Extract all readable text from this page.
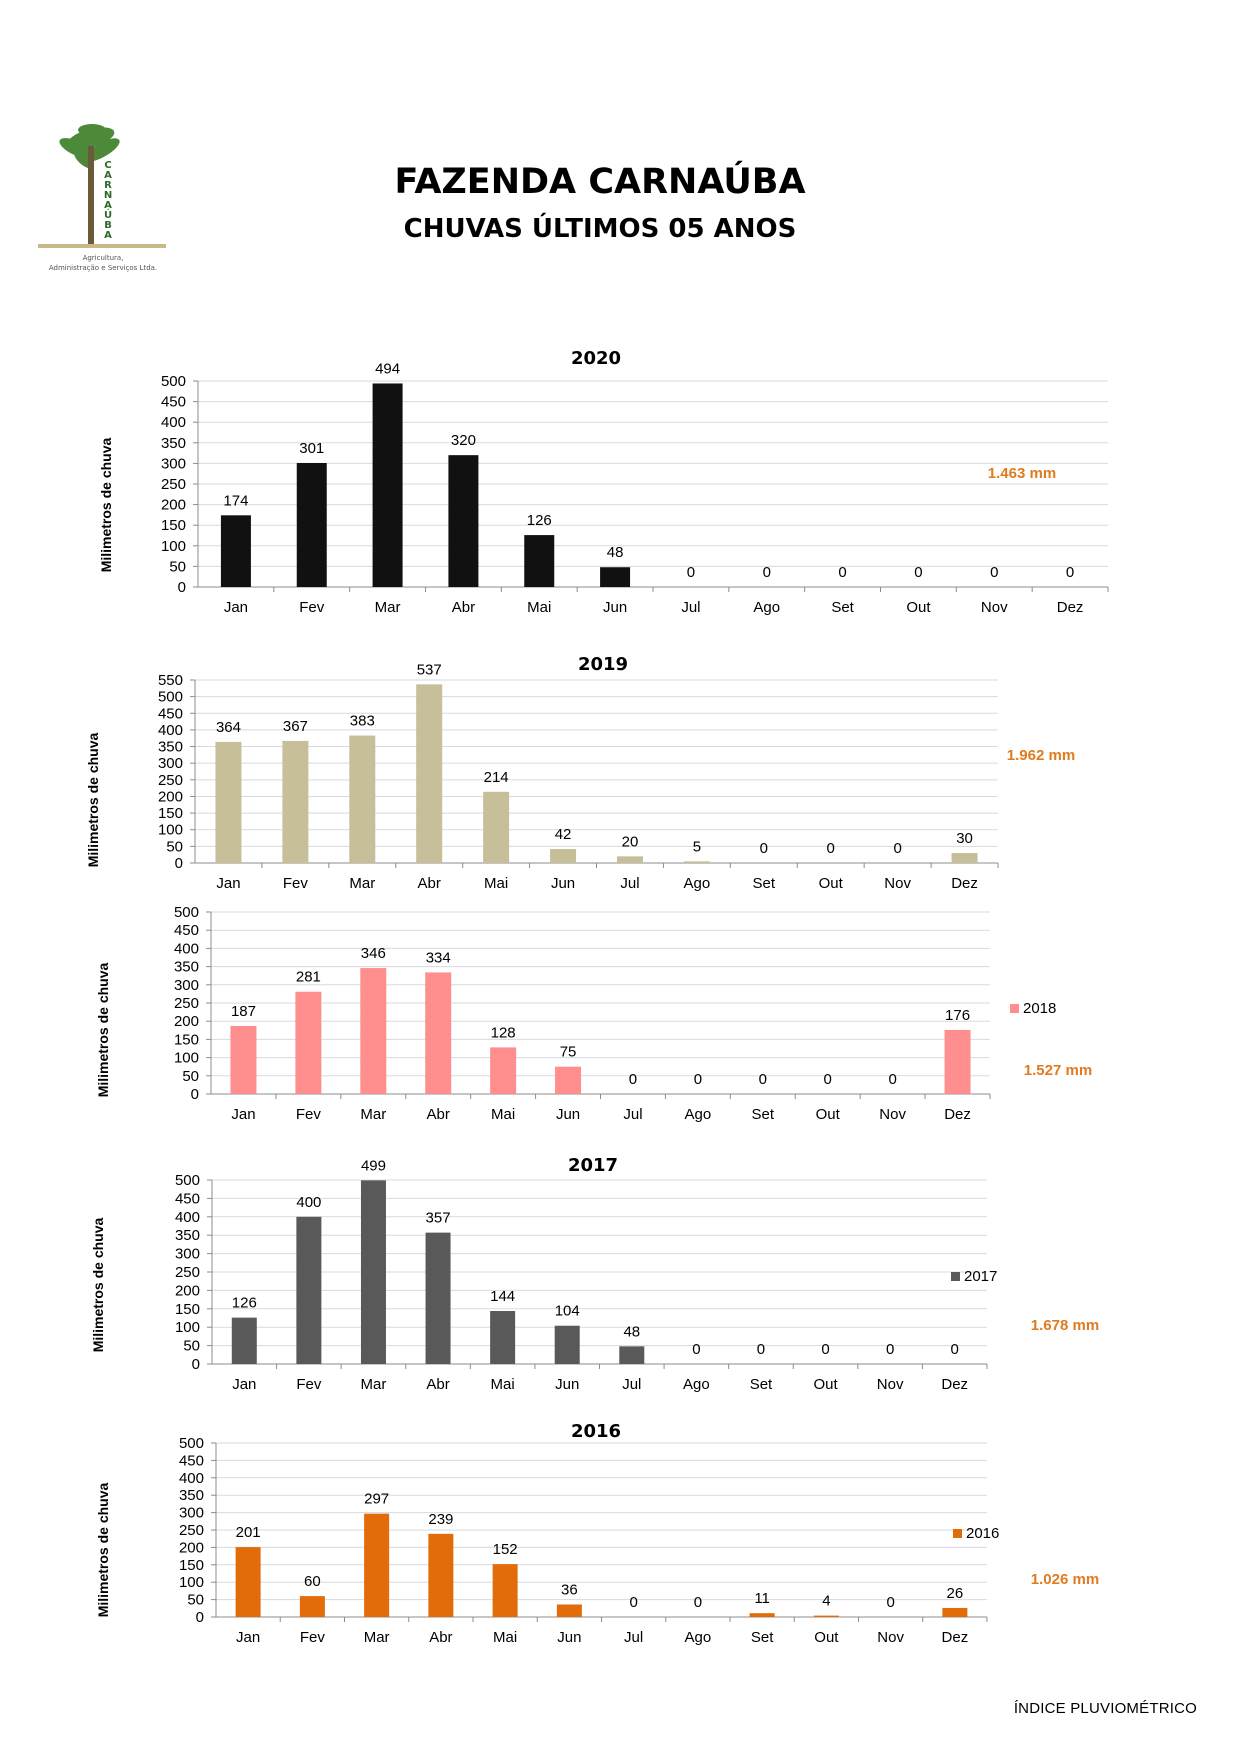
C
A
R
N
A
Ú
B
A
Agricultura,
Administração e Serviços Ltda.
FAZENDA CARNAÚBA
CHUVAS ÚLTIMOS 05 ANOS
0
50
100
150
200
250
300
350
400
450
500
174
Jan
301
Fev
494
Mar
320
Abr
126
Mai
48
Jun
0
Jul
0
Ago
0
Set
0
Out
0
Nov
0
Dez
2020
Milimetros de chuva	1.463 mm
0
50
100
150
200
250
300
350
400
450
500
550
364
Jan
367
Fev
383
Mar
537
Abr
214
Mai
42
Jun
20
Jul
5
Ago
0
Set
0
Out
0
Nov
30
Dez
2019
Milimetros de chuva	1.962 mm
0
50
100
150
200
250
300
350
400
450
500
187
Jan
281
Fev
346
Mar
334
Abr
128
Mai
75
Jun
0
Jul
0
Ago
0
Set
0
Out
0
Nov
176
Dez
Milimetros de chuva	1.527 mm
2018
0
50
100
150
200
250
300
350
400
450
500
126
Jan
400
Fev
499
Mar
357
Abr
144
Mai
104
Jun
48
Jul
0
Ago
0
Set
0
Out
0
Nov
0
Dez
2017
Milimetros de chuva	1.678 mm
2017
0
50
100
150
200
250
300
350
400
450
500
201
Jan
60
Fev
297
Mar
239
Abr
152
Mai
36
Jun
0
Jul
0
Ago
11
Set
4
Out
0
Nov
26
Dez
2016
Milimetros de chuva	1.026 mm
2016
ÍNDICE PLUVIOMÉTRICO
